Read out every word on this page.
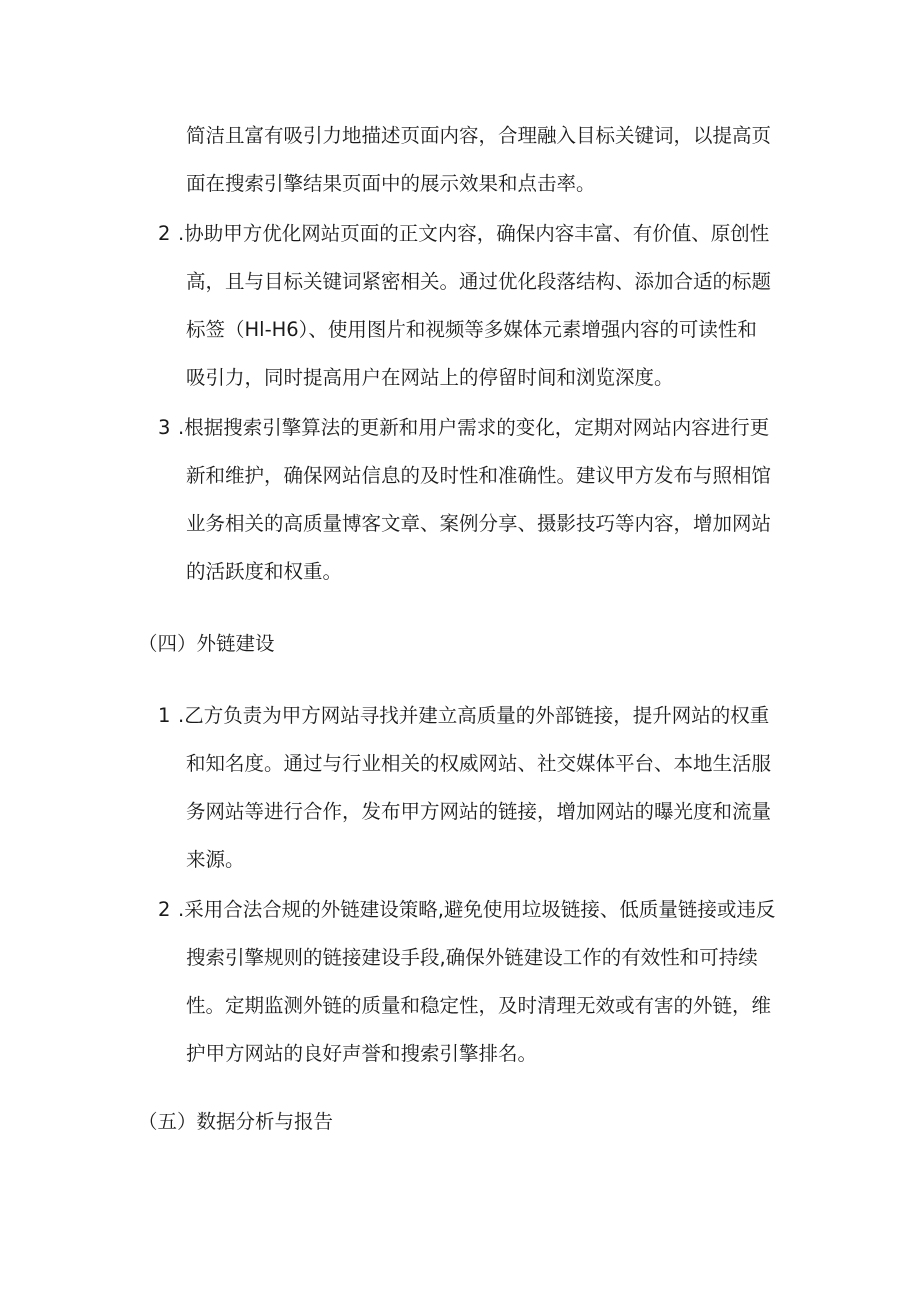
简洁且富有吸引力地描述页面内容，合理融入目标关键词，以提高页
面在搜索引擎结果页面中的展示效果和点击率。
2 .协助甲方优化网站页面的正文内容，确保内容丰富、有价值、原创性
高，且与目标关键词紧密相关。通过优化段落结构、添加合适的标题
标签（Hl-H6）、使用图片和视频等多媒体元素增强内容的可读性和
吸引力，同时提高用户在网站上的停留时间和浏览深度。
3 .根据搜索引擎算法的更新和用户需求的变化，定期对网站内容进行更
新和维护，确保网站信息的及时性和准确性。建议甲方发布与照相馆
业务相关的高质量博客文章、案例分享、摄影技巧等内容，增加网站
的活跃度和权重。
（四）外链建设
1 .乙方负责为甲方网站寻找并建立高质量的外部链接，提升网站的权重
和知名度。通过与行业相关的权威网站、社交媒体平台、本地生活服
务网站等进行合作，发布甲方网站的链接，增加网站的曝光度和流量
来源。
2 .采用合法合规的外链建设策略,避免使用垃圾链接、低质量链接或违反
搜索引擎规则的链接建设手段,确保外链建设工作的有效性和可持续
性。定期监测外链的质量和稳定性，及时清理无效或有害的外链，维
护甲方网站的良好声誉和搜索引擎排名。
（五）数据分析与报告
